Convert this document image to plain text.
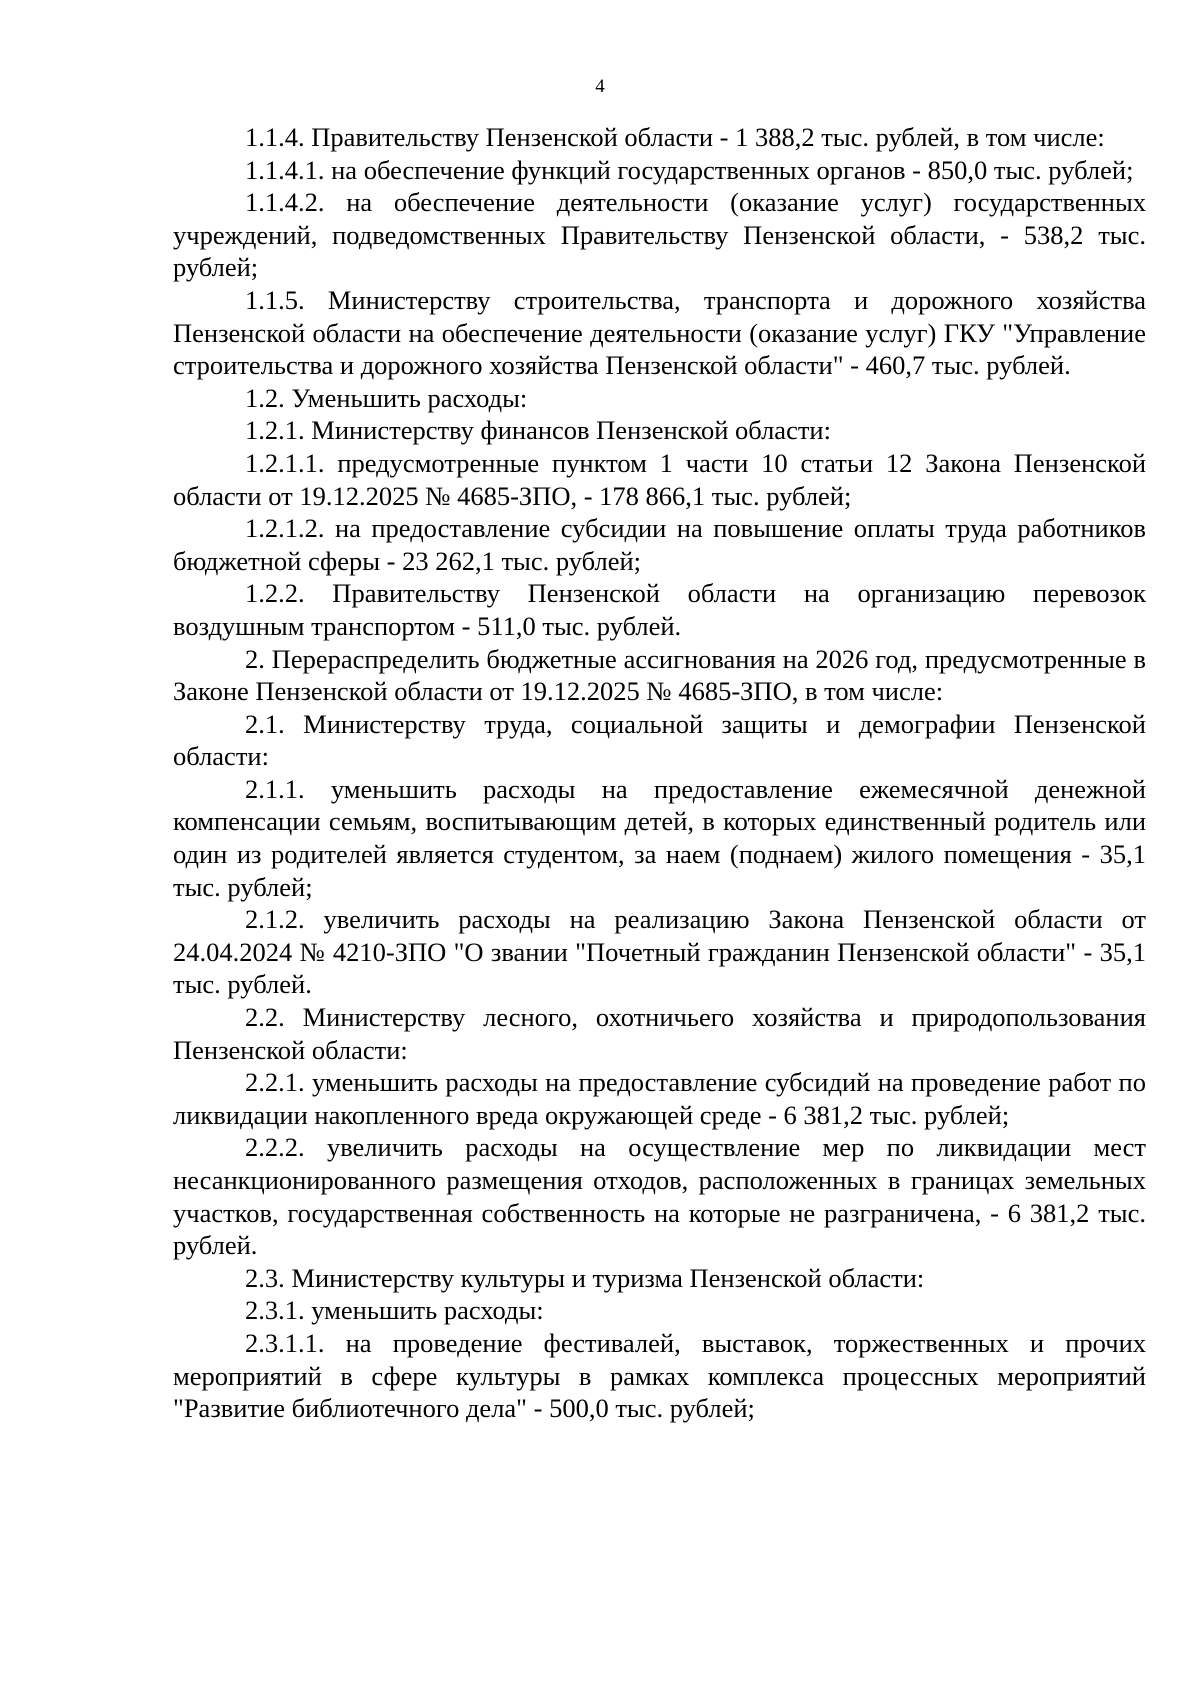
4

1.1.4. Правительству Пензенской области - 1 388,2 тыс. рублей, в том числе:

1.1.4.1. на обеспечение функций государственных органов - 850,0 тыс. рублей;

1.1.4.2. на обеспечение деятельности (оказание услуг) государственных учреждений, подведомственных Правительству Пензенской области, - 538,2 тыс. рублей;

1.1.5. Министерству строительства, транспорта и дорожного хозяйства Пензенской области на обеспечение деятельности (оказание услуг) ГКУ "Управление строительства и дорожного хозяйства Пензенской области" - 460,7 тыс. рублей.

1.2. Уменьшить расходы:

1.2.1. Министерству финансов Пензенской области:

1.2.1.1. предусмотренные пунктом 1 части 10 статьи 12 Закона Пензенской области от 19.12.2025 № 4685-ЗПО, - 178 866,1 тыс. рублей;

1.2.1.2. на предоставление субсидии на повышение оплаты труда работников бюджетной сферы - 23 262,1 тыс. рублей;

1.2.2. Правительству Пензенской области на организацию перевозок воздушным транспортом - 511,0 тыс. рублей.

2. Перераспределить бюджетные ассигнования на 2026 год, предусмотренные в Законе Пензенской области от 19.12.2025 № 4685-ЗПО, в том числе:

2.1. Министерству труда, социальной защиты и демографии Пензенской области:

2.1.1. уменьшить расходы на предоставление ежемесячной денежной компенсации семьям, воспитывающим детей, в которых единственный родитель или один из родителей является студентом, за наем (поднаем) жилого помещения - 35,1 тыс. рублей;

2.1.2. увеличить расходы на реализацию Закона Пензенской области от 24.04.2024 № 4210-ЗПО "О звании "Почетный гражданин Пензенской области" - 35,1 тыс. рублей.

2.2. Министерству лесного, охотничьего хозяйства и природопользования Пензенской области:

2.2.1. уменьшить расходы на предоставление субсидий на проведение работ по ликвидации накопленного вреда окружающей среде - 6 381,2 тыс. рублей;

2.2.2. увеличить расходы на осуществление мер по ликвидации мест несанкционированного размещения отходов, расположенных в границах земельных участков, государственная собственность на которые не разграничена, - 6 381,2 тыс. рублей.

2.3. Министерству культуры и туризма Пензенской области:

2.3.1. уменьшить расходы:

2.3.1.1. на проведение фестивалей, выставок, торжественных и прочих мероприятий в сфере культуры в рамках комплекса процессных мероприятий "Развитие библиотечного дела" - 500,0 тыс. рублей;
